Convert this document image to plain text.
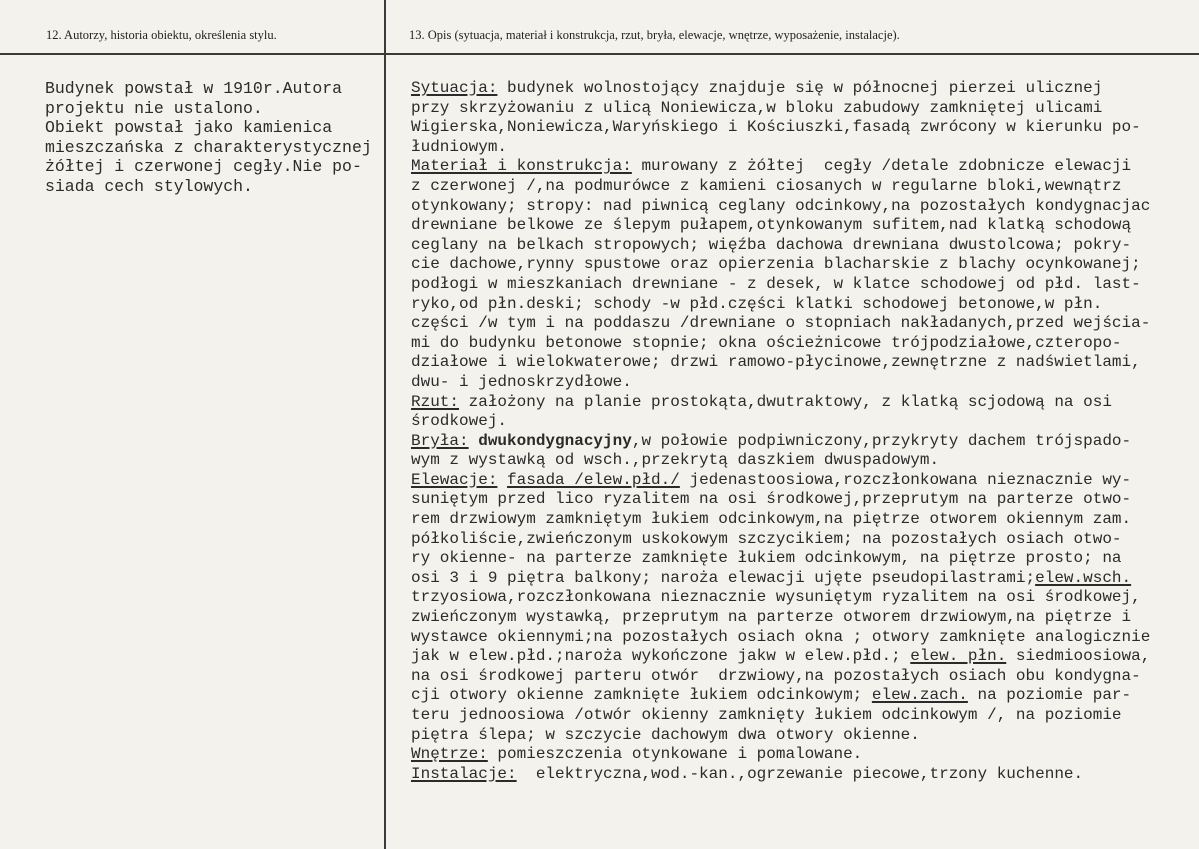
12. Autorzy, historia obiektu, określenia stylu.	13. Opis (sytuacja, materiał i konstrukcja, rzut, bryła, elewacje, wnętrze, wyposażenie, instalacje).
Budynek powstał w 1910r.Autora
projektu nie ustalono.
Obiekt powstał jako kamienica
mieszczańska z charakterystycznej
żółtej i czerwonej cegły.Nie po-
siada cech stylowych.
Sytuacja: budynek wolnostojący znajduje się w północnej pierzei ulicznej
przy skrzyżowaniu z ulicą Noniewicza,w bloku zabudowy zamkniętej ulicami
Wigierska,Noniewicza,Waryńskiego i Kościuszki,fasadą zwrócony w kierunku po-
łudniowym.
Materiał i konstrukcja: murowany z żółtej  cegły /detale zdobnicze elewacji
z czerwonej /,na podmurówce z kamieni ciosanych w regularne bloki,wewnątrz
otynkowany; stropy: nad piwnicą ceglany odcinkowy,na pozostałych kondygnacjac
drewniane belkowe ze ślepym pułapem,otynkowanym sufitem,nad klatką schodową
ceglany na belkach stropowych; więźba dachowa drewniana dwustolcowa; pokry-
cie dachowe,rynny spustowe oraz opierzenia blacharskie z blachy ocynkowanej;
podłogi w mieszkaniach drewniane - z desek, w klatce schodowej od płd. last-
ryko,od płn.deski; schody -w płd.części klatki schodowej betonowe,w płn.
części /w tym i na poddaszu /drewniane o stopniach nakładanych,przed wejścia-
mi do budynku betonowe stopnie; okna ościeżnicowe trójpodziałowe,czteropo-
działowe i wielokwaterowe; drzwi ramowo-płycinowe,zewnętrzne z nadświetlami,
dwu- i jednoskrzydłowe.
Rzut: założony na planie prostokąta,dwutraktowy, z klatką scjodową na osi
środkowej.
Bryła: dwukondygnacyjny,w połowie podpiwniczony,przykryty dachem trójspado-
wym z wystawką od wsch.,przekrytą daszkiem dwuspadowym.
Elewacje: fasada /elew.płd./ jedenastoosiowa,rozczłonkowana nieznacznie wy-
suniętym przed lico ryzalitem na osi środkowej,przeprutym na parterze otwo-
rem drzwiowym zamkniętym łukiem odcinkowym,na piętrze otworem okiennym zam.
półkoliście,zwieńczonym uskokowym szczycikiem; na pozostałych osiach otwo-
ry okienne- na parterze zamknięte łukiem odcinkowym, na piętrze prosto; na
osi 3 i 9 piętra balkony; naroża elewacji ujęte pseudopilastrami;elew.wsch.
trzyosiowa,rozczłonkowana nieznacznie wysuniętym ryzalitem na osi środkowej,
zwieńczonym wystawką, przeprutym na parterze otworem drzwiowym,na piętrze i
wystawce okiennymi;na pozostałych osiach okna ; otwory zamknięte analogicznie
jak w elew.płd.;naroża wykończone jakw w elew.płd.; elew. płn. siedmioosiowa,
na osi środkowej parteru otwór  drzwiowy,na pozostałych osiach obu kondygna-
cji otwory okienne zamknięte łukiem odcinkowym; elew.zach. na poziomie par-
teru jednoosiowa /otwór okienny zamknięty łukiem odcinkowym /, na poziomie
piętra ślepa; w szczycie dachowym dwa otwory okienne.
Wnętrze: pomieszczenia otynkowane i pomalowane.
Instalacje:  elektryczna,wod.-kan.,ogrzewanie piecowe,trzony kuchenne.
